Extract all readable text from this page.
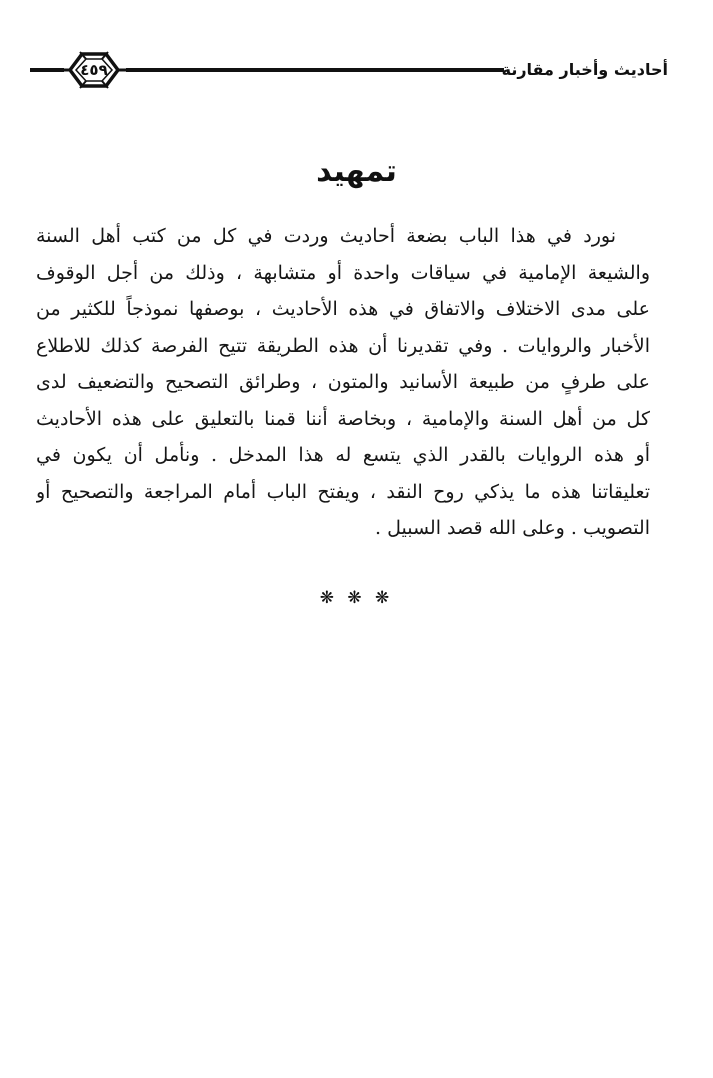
٤٥٩	أحاديث وأخبار مقارنة
تمهيد
نورد في هذا الباب بضعة أحاديث وردت في كل من كتب أهل السنة
والشيعة الإمامية في سياقات واحدة أو متشابهة ، وذلك من أجل الوقوف
على مدى الاختلاف والاتفاق في هذه الأحاديث ، بوصفها نموذجاً للكثير من
الأخبار والروايات . وفي تقديرنا أن هذه الطريقة تتيح الفرصة كذلك للاطلاع
على طرفٍ من طبيعة الأسانيد والمتون ، وطرائق التصحيح والتضعيف لدى
كل من أهل السنة والإمامية ، وبخاصة أننا قمنا بالتعليق على هذه الأحاديث
أو هذه الروايات بالقدر الذي يتسع له هذا المدخل . ونأمل أن يكون في
تعليقاتنا هذه ما يذكي روح النقد ، ويفتح الباب أمام المراجعة والتصحيح أو
التصويب . وعلى الله قصد السبيل .
❋ ❋ ❋
